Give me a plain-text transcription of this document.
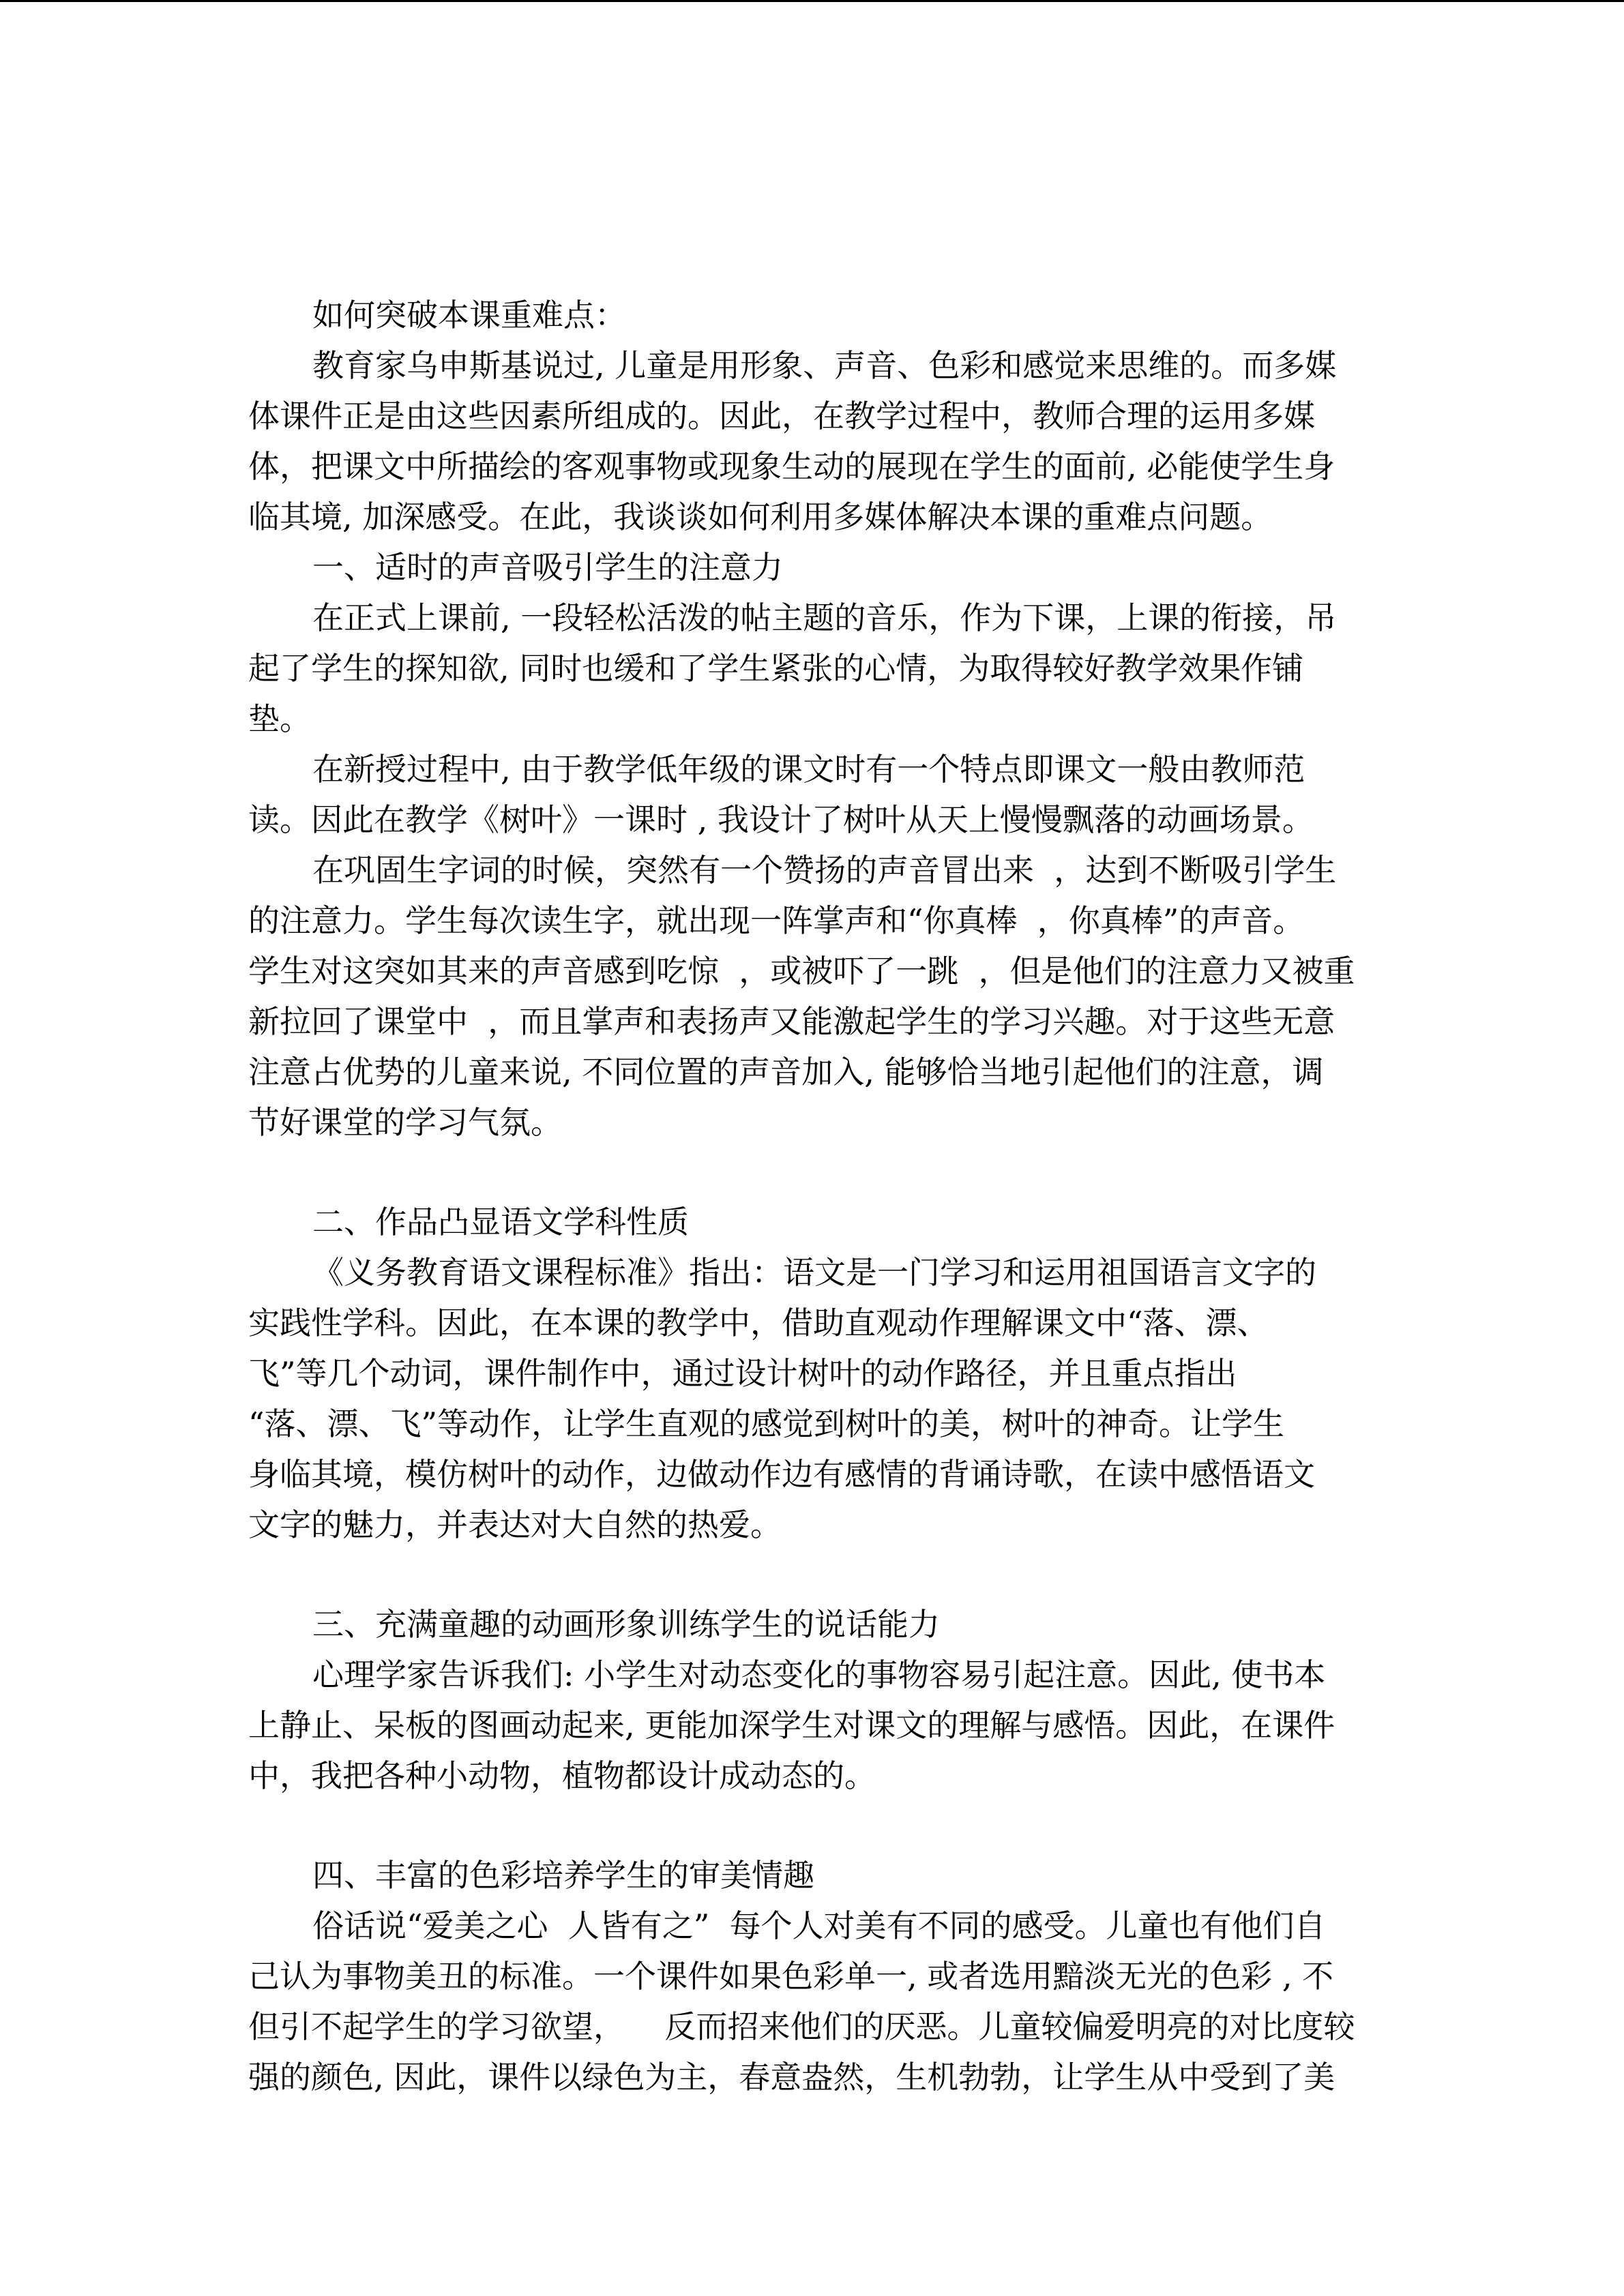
如何突破本课重难点：
教育家乌申斯基说过, 儿童是用形象、声音、色彩和感觉来思维的。而多媒
体课件正是由这些因素所组成的。因此，在教学过程中，教师合理的运用多媒
体，把课文中所描绘的客观事物或现象生动的展现在学生的面前, 必能使学生身
临其境, 加深感受。在此，我谈谈如何利用多媒体解决本课的重难点问题。
一、适时的声音吸引学生的注意力
在正式上课前, 一段轻松活泼的帖主题的音乐，作为下课，上课的衔接，吊
起了学生的探知欲, 同时也缓和了学生紧张的心情，为取得较好教学效果作铺
垫。
在新授过程中, 由于教学低年级的课文时有一个特点即课文一般由教师范
读。因此在教学《树叶》一课时 , 我设计了树叶从天上慢慢飘落的动画场景。
在巩固生字词的时候，突然有一个赞扬的声音冒出来  ，达到不断吸引学生
的注意力。学生每次读生字，就出现一阵掌声和“你真棒  ，你真棒”的声音。
学生对这突如其来的声音感到吃惊  ，或被吓了一跳  ，但是他们的注意力又被重
新拉回了课堂中  ，而且掌声和表扬声又能激起学生的学习兴趣。对于这些无意
注意占优势的儿童来说, 不同位置的声音加入, 能够恰当地引起他们的注意，调
节好课堂的学习气氛。
二、作品凸显语文学科性质
《义务教育语文课程标准》指出：语文是一门学习和运用祖国语言文字的
实践性学科。因此，在本课的教学中，借助直观动作理解课文中“落、漂、
飞”等几个动词，课件制作中，通过设计树叶的动作路径，并且重点指出
“落、漂、飞”等动作，让学生直观的感觉到树叶的美，树叶的神奇。让学生
身临其境，模仿树叶的动作，边做动作边有感情的背诵诗歌，在读中感悟语文
文字的魅力，并表达对大自然的热爱。
三、充满童趣的动画形象训练学生的说话能力
心理学家告诉我们: 小学生对动态变化的事物容易引起注意。因此, 使书本
上静止、呆板的图画动起来, 更能加深学生对课文的理解与感悟。因此，在课件
中，我把各种小动物，植物都设计成动态的。
四、丰富的色彩培养学生的审美情趣
俗话说“爱美之心  人皆有之”  每个人对美有不同的感受。儿童也有他们自
己认为事物美丑的标准。一个课件如果色彩单一, 或者选用黯淡无光的色彩 , 不
但引不起学生的学习欲望，    反而招来他们的厌恶。儿童较偏爱明亮的对比度较
强的颜色, 因此，课件以绿色为主，春意盎然，生机勃勃，让学生从中受到了美
